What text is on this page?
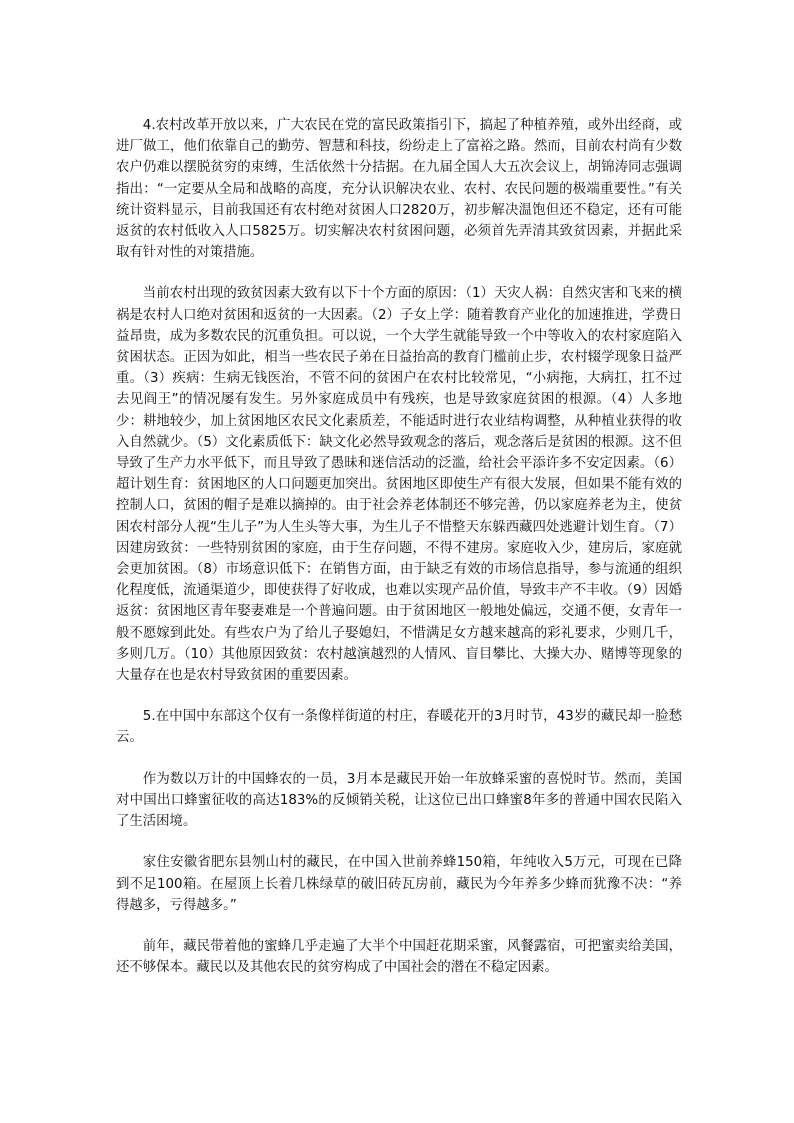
4.农村改革开放以来，广大农民在党的富民政策指引下，搞起了种植养殖，或外出经商，或进厂做工，他们依靠自己的勤劳、智慧和科技，纷纷走上了富裕之路。然而，目前农村尚有少数农户仍难以摆脱贫穷的束缚，生活依然十分拮据。在九届全国人大五次会议上，胡锦涛同志强调指出：“一定要从全局和战略的高度，充分认识解决农业、农村、农民问题的极端重要性。”有关统计资料显示，目前我国还有农村绝对贫困人口2820万，初步解决温饱但还不稳定，还有可能返贫的农村低收入人口5825万。切实解决农村贫困问题，必须首先弄清其致贫因素，并据此采取有针对性的对策措施。

当前农村出现的致贫因素大致有以下十个方面的原因：（1）天灾人祸：自然灾害和飞来的横祸是农村人口绝对贫困和返贫的一大因素。（2）子女上学：随着教育产业化的加速推进，学费日益昂贵，成为多数农民的沉重负担。可以说，一个大学生就能导致一个中等收入的农村家庭陷入贫困状态。正因为如此，相当一些农民子弟在日益抬高的教育门槛前止步，农村辍学现象日益严重。（3）疾病：生病无钱医治，不管不问的贫困户在农村比较常见，“小病拖，大病扛，扛不过去见阎王”的情况屡有发生。另外家庭成员中有残疾，也是导致家庭贫困的根源。（4）人多地少：耕地较少，加上贫困地区农民文化素质差，不能适时进行农业结构调整，从种植业获得的收入自然就少。（5）文化素质低下：缺文化必然导致观念的落后，观念落后是贫困的根源。这不但导致了生产力水平低下，而且导致了愚昧和迷信活动的泛滥，给社会平添许多不安定因素。（6）超计划生育：贫困地区的人口问题更加突出。贫困地区即使生产有很大发展，但如果不能有效的控制人口，贫困的帽子是难以摘掉的。由于社会养老体制还不够完善，仍以家庭养老为主，使贫困农村部分人视“生儿子”为人生头等大事，为生儿子不惜整天东躲西藏四处逃避计划生育。（7）因建房致贫：一些特别贫困的家庭，由于生存问题，不得不建房。家庭收入少，建房后，家庭就会更加贫困。（8）市场意识低下：在销售方面，由于缺乏有效的市场信息指导，参与流通的组织化程度低，流通渠道少，即使获得了好收成，也难以实现产品价值，导致丰产不丰收。（9）因婚返贫：贫困地区青年娶妻难是一个普遍问题。由于贫困地区一般地处偏远，交通不便，女青年一般不愿嫁到此处。有些农户为了给儿子娶媳妇，不惜满足女方越来越高的彩礼要求，少则几千，多则几万。（10）其他原因致贫：农村越演越烈的人情风、盲目攀比、大操大办、赌博等现象的大量存在也是农村导致贫困的重要因素。

5.在中国中东部这个仅有一条像样街道的村庄，春暖花开的3月时节，43岁的藏民却一脸愁云。

作为数以万计的中国蜂农的一员，3月本是藏民开始一年放蜂采蜜的喜悦时节。然而，美国对中国出口蜂蜜征收的高达183%的反倾销关税，让这位已出口蜂蜜8年多的普通中国农民陷入了生活困境。

家住安徽省肥东县刎山村的藏民，在中国入世前养蜂150箱，年纯收入5万元，可现在已降到不足100箱。在屋顶上长着几株绿草的破旧砖瓦房前，藏民为今年养多少蜂而犹豫不决：“养得越多，亏得越多。”

前年，藏民带着他的蜜蜂几乎走遍了大半个中国赶花期采蜜，风餐露宿，可把蜜卖给美国，还不够保本。藏民以及其他农民的贫穷构成了中国社会的潜在不稳定因素。
